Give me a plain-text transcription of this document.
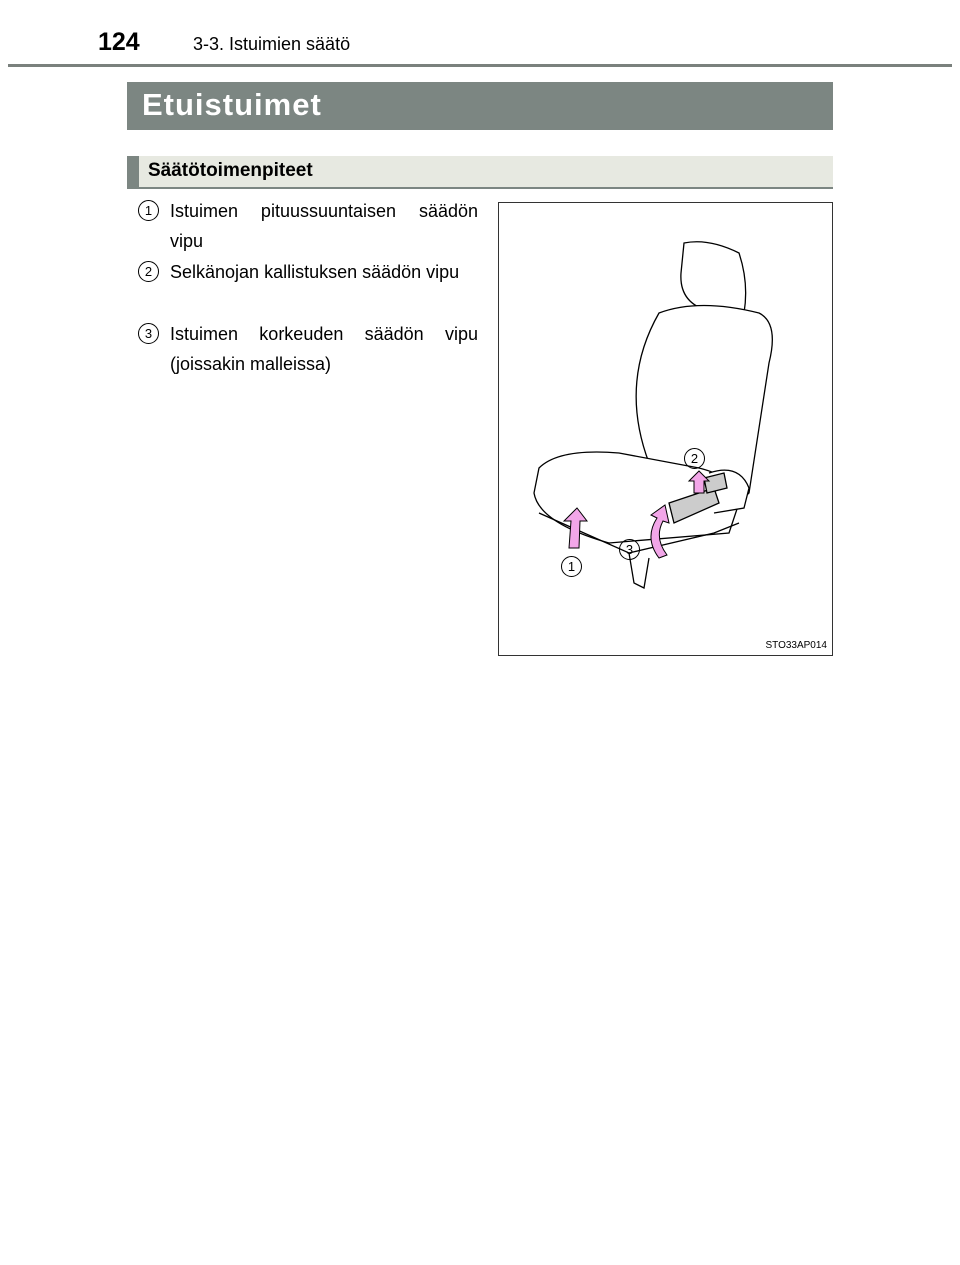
124	3-3. Istuimien säätö
Etuistuimet
Säätötoimenpiteet
1 Istuimen pituussuuntaisen säädön vipu
2 Selkänojan kallistuksen säädön vipu
3 Istuimen korkeuden säädön vipu (joissakin malleissa)
1
2
3
STO33AP014
